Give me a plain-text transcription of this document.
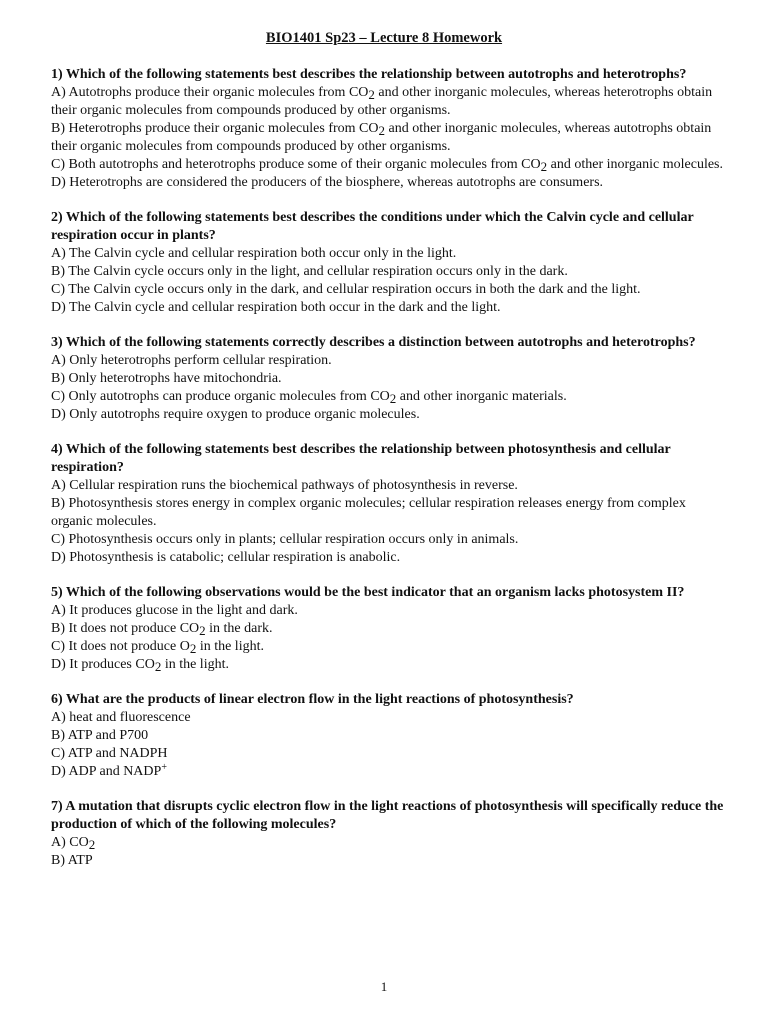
BIO1401 Sp23 – Lecture 8 Homework
1) Which of the following statements best describes the relationship between autotrophs and heterotrophs?
A) Autotrophs produce their organic molecules from $CO_2$ and other inorganic molecules, whereas heterotrophs obtain their organic molecules from compounds produced by other organisms.
B) Heterotrophs produce their organic molecules from $CO_2$ and other inorganic molecules, whereas autotrophs obtain their organic molecules from compounds produced by other organisms.
C) Both autotrophs and heterotrophs produce some of their organic molecules from $CO_2$ and other inorganic molecules.
D) Heterotrophs are considered the producers of the biosphere, whereas autotrophs are consumers.
2) Which of the following statements best describes the conditions under which the Calvin cycle and cellular respiration occur in plants?
A) The Calvin cycle and cellular respiration both occur only in the light.
B) The Calvin cycle occurs only in the light, and cellular respiration occurs only in the dark.
C) The Calvin cycle occurs only in the dark, and cellular respiration occurs in both the dark and the light.
D) The Calvin cycle and cellular respiration both occur in the dark and the light.
3) Which of the following statements correctly describes a distinction between autotrophs and heterotrophs?
A) Only heterotrophs perform cellular respiration.
B) Only heterotrophs have mitochondria.
C) Only autotrophs can produce organic molecules from $CO_2$ and other inorganic materials.
D) Only autotrophs require oxygen to produce organic molecules.
4) Which of the following statements best describes the relationship between photosynthesis and cellular respiration?
A) Cellular respiration runs the biochemical pathways of photosynthesis in reverse.
B) Photosynthesis stores energy in complex organic molecules; cellular respiration releases energy from complex organic molecules.
C) Photosynthesis occurs only in plants; cellular respiration occurs only in animals.
D) Photosynthesis is catabolic; cellular respiration is anabolic.
5) Which of the following observations would be the best indicator that an organism lacks photosystem II?
A) It produces glucose in the light and dark.
B) It does not produce $CO_2$ in the dark.
C) It does not produce $O_2$ in the light.
D) It produces $CO_2$ in the light.
6) What are the products of linear electron flow in the light reactions of photosynthesis?
A) heat and fluorescence
B) ATP and P700
C) ATP and NADPH
D) ADP and NADP+
7) A mutation that disrupts cyclic electron flow in the light reactions of photosynthesis will specifically reduce the production of which of the following molecules?
A) $CO_2$
B) ATP
1
